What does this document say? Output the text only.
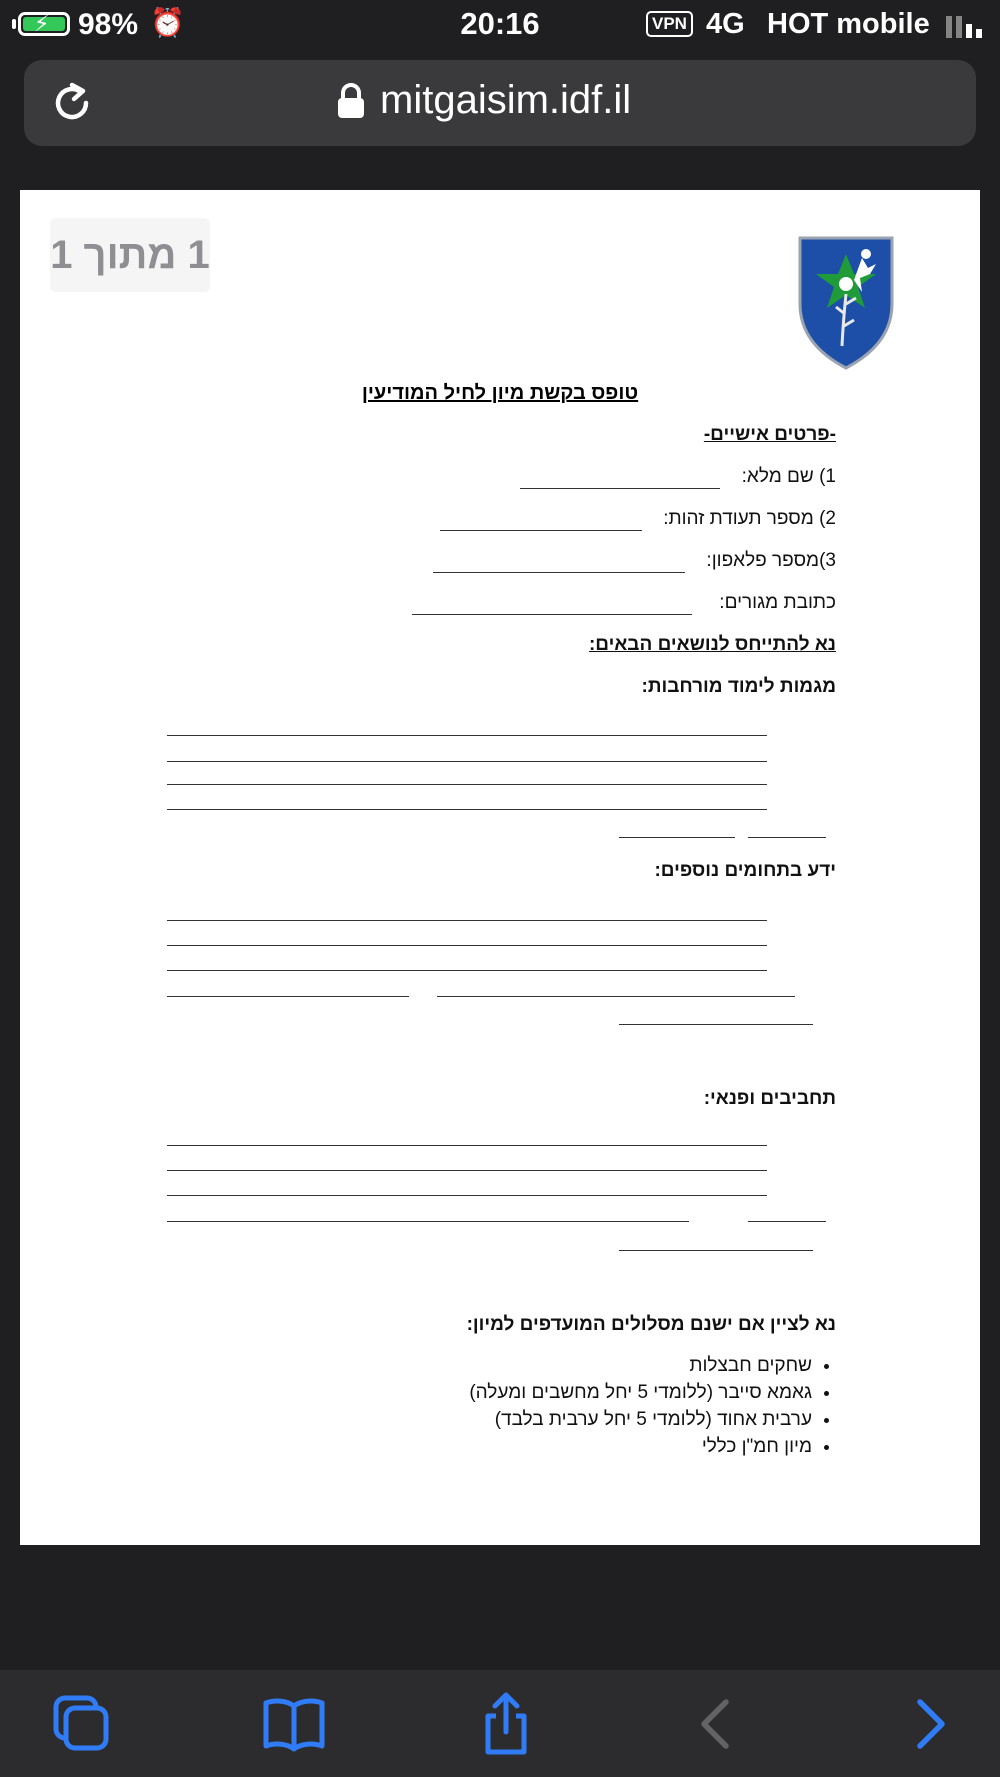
⚡ 98% ⏰	20:16	VPN 4G HOT mobile
mitgaisim.idf.il
1 מתוך 1
טופס בקשת מיון לחיל המודיעין
-פרטים אישיים-
1) שם מלא:
2) מספר תעודת זהות:
3)מספר פלאפון:
כתובת מגורים:
נא להתייחס לנושאים הבאים:
מגמות לימוד מורחבות:
ידע בתחומים נוספים:
תחביבים ופנאי:
נא לציין אם ישנם מסלולים המועדפים למיון:
• שחקים חבצלות
• גאמא סייבר (ללומדי 5 יחל מחשבים ומעלה)
• ערבית אחוד (ללומדי 5 יחל ערבית בלבד)
• מיון חמ"ן כללי
